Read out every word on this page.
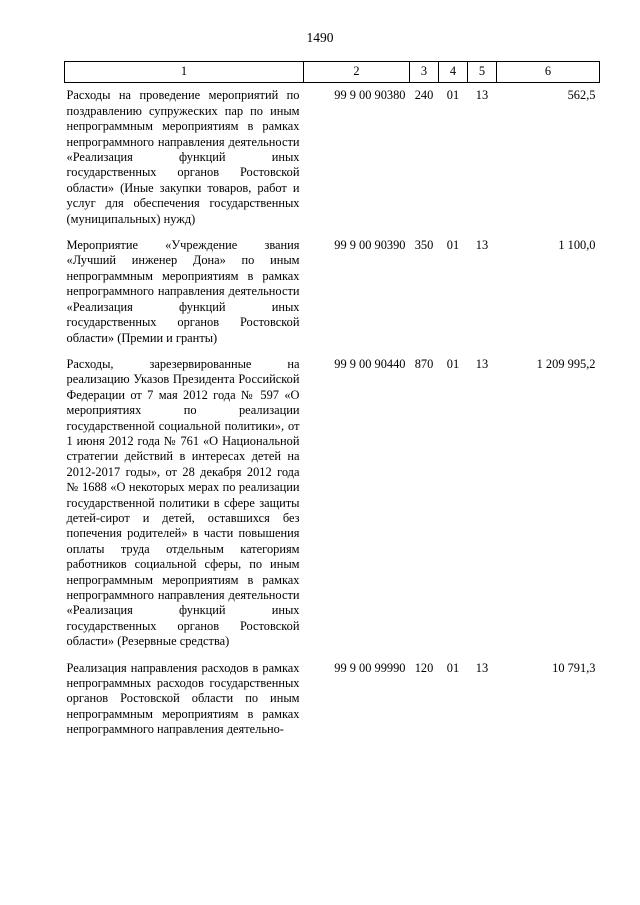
1490
1	2	3	4	5	6
Расходы на проведение мероприятий по поздравлению супружеских пар по иным непрограммным мероприятиям в рамках непрограммного направления деятельности «Реализация функций иных государственных органов Ростовской области» (Иные закупки товаров, работ и услуг для обеспечения государственных (муниципальных) нужд)	99 9 00 90380	240	01	13	562,5
Мероприятие «Учреждение звания «Лучший инженер Дона» по иным непрограммным мероприятиям в рамках непрограммного направления деятельности «Реализация функций иных государственных органов Ростовской области» (Премии и гранты)	99 9 00 90390	350	01	13	1 100,0
Расходы, зарезервированные на реализацию Указов Президента Российской Федерации от 7 мая 2012 года № 597 «О мероприятиях по реализации государственной социальной политики», от 1 июня 2012 года № 761 «О Национальной стратегии действий в интересах детей на 2012-2017 годы», от 28 декабря 2012 года № 1688 «О некоторых мерах по реализации государственной политики в сфере защиты детей-сирот и детей, оставшихся без попечения родителей» в части повышения оплаты труда отдельным категориям работников социальной сферы, по иным непрограммным мероприятиям в рамках непрограммного направления деятельности «Реализация функций иных государственных органов Ростовской области» (Резервные средства)	99 9 00 90440	870	01	13	1 209 995,2
Реализация направления расходов в рамках непрограммных расходов государственных органов Ростовской области по иным непрограммным мероприятиям в рамках непрограммного направления деятельно-	99 9 00 99990	120	01	13	10 791,3
